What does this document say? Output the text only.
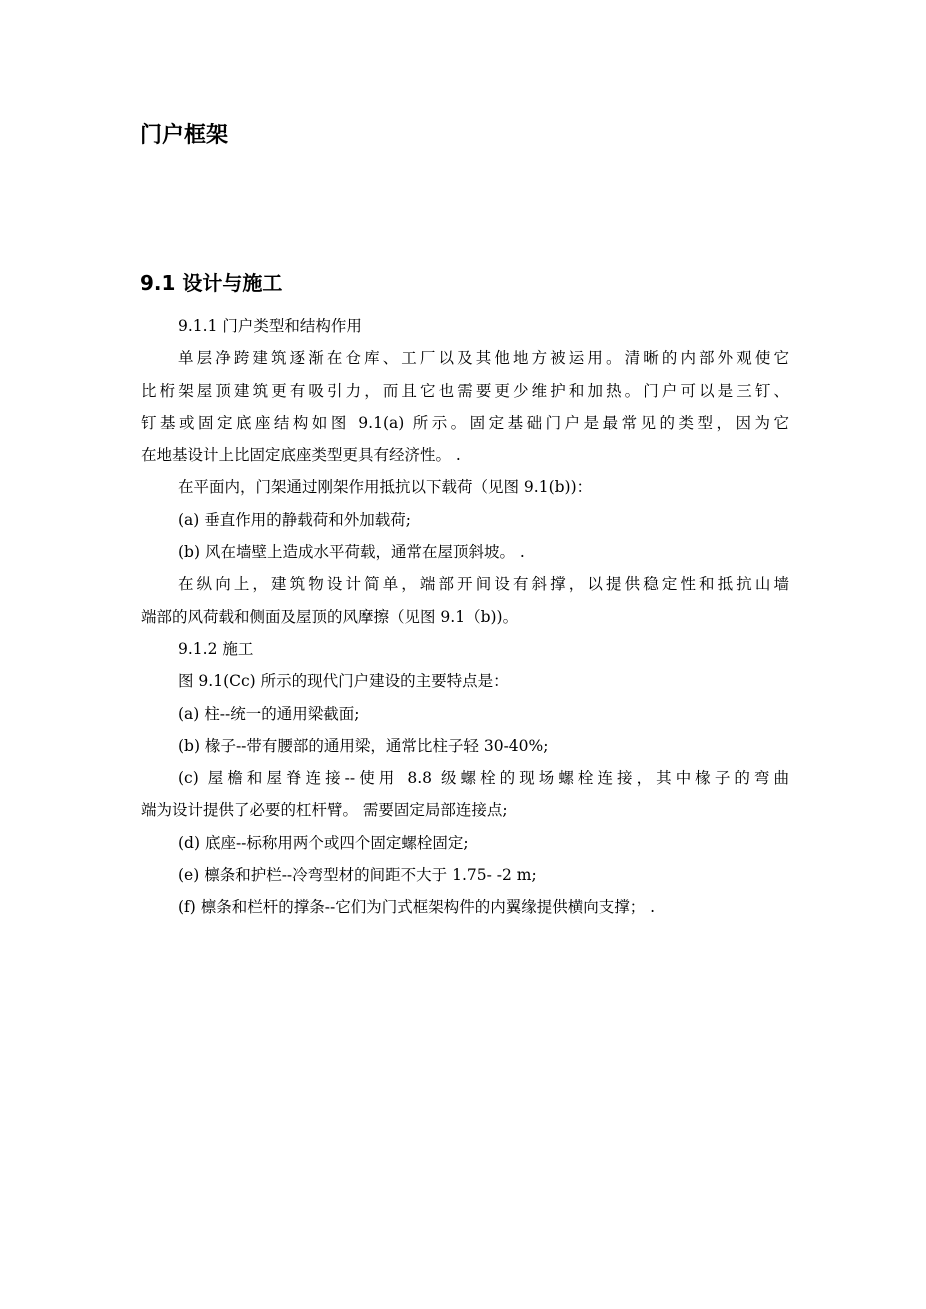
门户框架
9.1 设计与施工
9.1.1 门户类型和结构作用
单层净跨建筑逐渐在仓库、工厂以及其他地方被运用。清晰的内部外观使它
比桁架屋顶建筑更有吸引力，而且它也需要更少维护和加热。门户可以是三钉、
钉基或固定底座结构如图 9.1(a) 所示。固定基础门户是最常见的类型，因为它
在地基设计上比固定底座类型更具有经济性。 .
在平面内，门架通过刚架作用抵抗以下载荷（见图 9.1(b))：
(a) 垂直作用的静载荷和外加载荷;
(b) 风在墙壁上造成水平荷载，通常在屋顶斜坡。 .
在纵向上，建筑物设计简单，端部开间设有斜撑，以提供稳定性和抵抗山墙
端部的风荷载和侧面及屋顶的风摩擦（见图 9.1（b))。
9.1.2 施工
图 9.1(Cc) 所示的现代门户建设的主要特点是：
(a) 柱--统一的通用梁截面;
(b) 椽子--带有腰部的通用梁，通常比柱子轻 30-40%;
(c) 屋檐和屋脊连接--使用 8.8 级螺栓的现场螺栓连接，其中椽子的弯曲
端为设计提供了必要的杠杆臂。 需要固定局部连接点;
(d) 底座--标称用两个或四个固定螺栓固定;
(e) 檩条和护栏--冷弯型材的间距不大于 1.75- -2 m;
(f) 檩条和栏杆的撑条--它们为门式框架构件的内翼缘提供横向支撑； .
